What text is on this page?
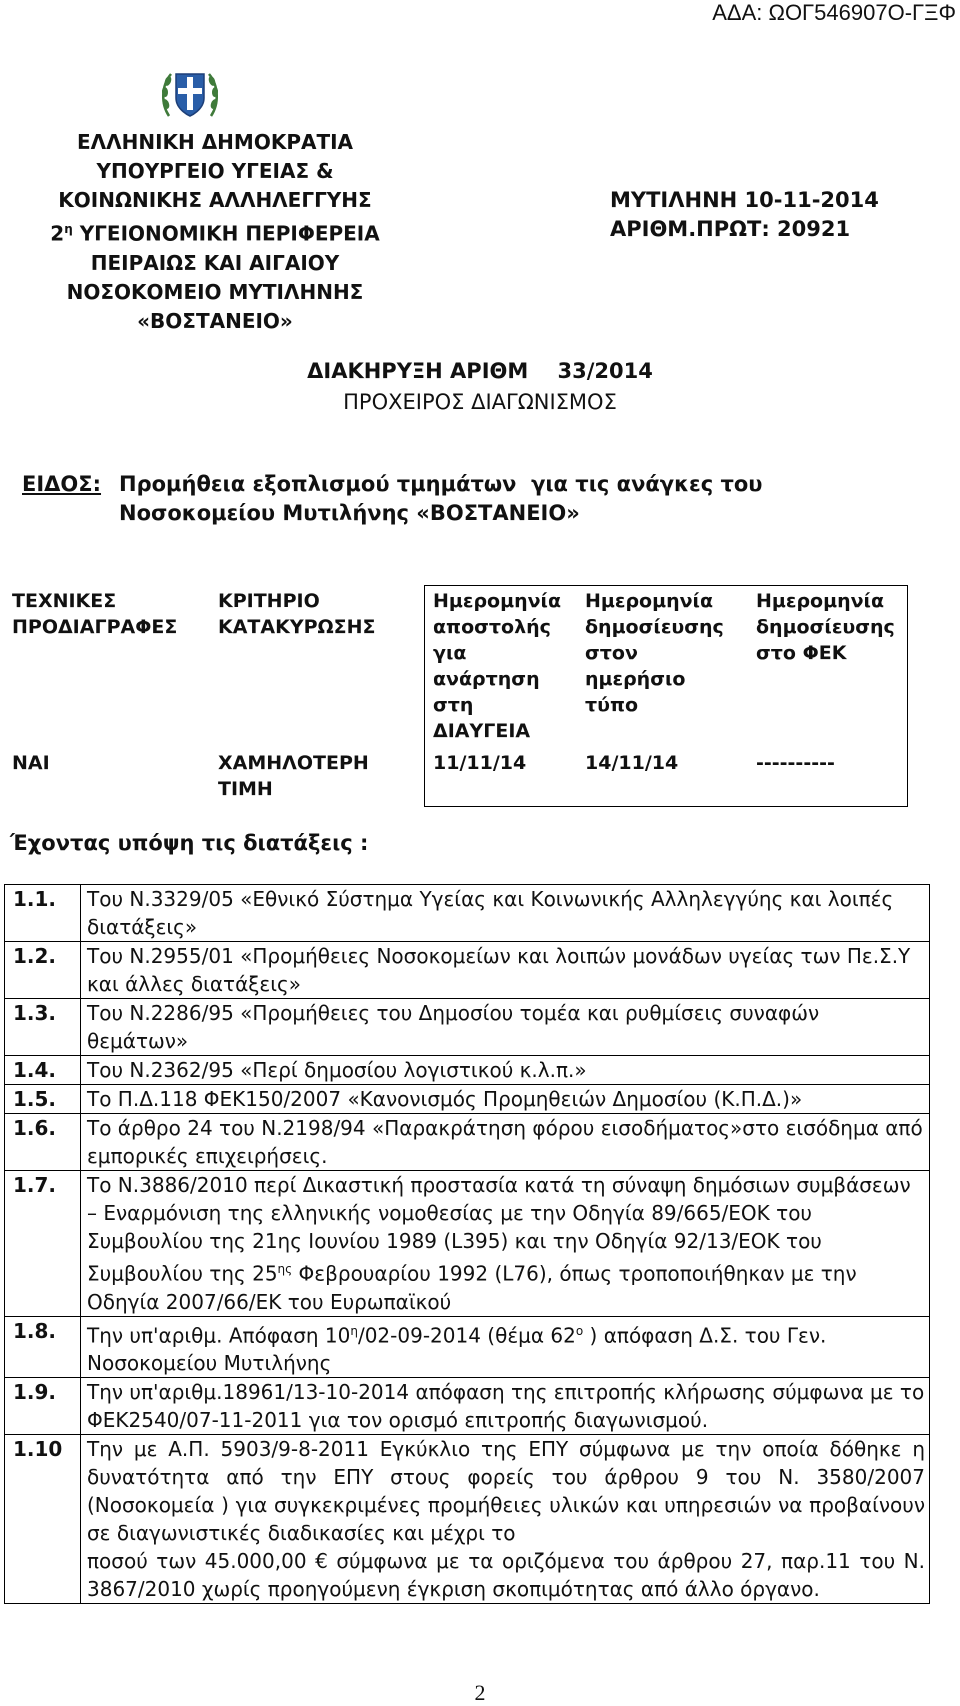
ΑΔΑ: ΩΟΓ546907Ο-ΓΞΦ
ΕΛΛΗΝΙΚΗ ΔΗΜΟΚΡΑΤΙΑ
ΥΠΟΥΡΓΕΙΟ ΥΓΕΙΑΣ &
ΚΟΙΝΩΝΙΚΗΣ ΑΛΛΗΛΕΓΓΥΗΣ
$2^\eta$ ΥΓΕΙΟΝΟΜΙΚΗ ΠΕΡΙΦΕΡΕΙΑ
ΠΕΙΡΑΙΩΣ ΚΑΙ ΑΙΓΑΙΟΥ
ΝΟΣΟΚΟΜΕΙΟ ΜΥΤΙΛΗΝΗΣ
«ΒΟΣΤΑΝΕΙΟ»
ΜΥΤΙΛΗΝΗ 10-11-2014
ΑΡΙΘΜ.ΠΡΩΤ: 20921
ΔΙΑΚΗΡΥΞΗ ΑΡΙΘΜ    33/2014
ΠΡΟΧΕΙΡΟΣ ΔΙΑΓΩΝΙΣΜΟΣ
ΕΙΔΟΣ: Προμήθεια εξοπλισμού τμημάτων  για τις ανάγκες του
Νοσοκομείου Μυτιλήνης «ΒΟΣΤΑΝΕΙΟ»
ΤΕΧΝΙΚΕΣ ΠΡΟΔΙΑΓΡΑΦΕΣ	ΚΡΙΤΗΡΙΟ ΚΑΤΑΚΥΡΩΣΗΣ	Ημερομηνία αποστολής για ανάρτηση στη ΔΙΑΥΓΕΙΑ	Ημερομηνία δημοσίευσης στον ημερήσιο τύπο	Ημερομηνία δημοσίευσης στο ΦΕΚ
ΝΑΙ	ΧΑΜΗΛΟΤΕΡΗ ΤΙΜΗ	11/11/14	14/11/14	----------
Έχοντας υπόψη τις διατάξεις :
1.1.	Του Ν.3329/05 «Εθνικό Σύστημα Υγείας και Κοινωνικής Αλληλεγγύης και λοιπές διατάξεις»
1.2.	Του Ν.2955/01 «Προμήθειες Νοσοκομείων και λοιπών μονάδων υγείας των Πε.Σ.Υ και άλλες διατάξεις»
1.3.	Του Ν.2286/95 «Προμήθειες του Δημοσίου τομέα και ρυθμίσεις συναφών θεμάτων»
1.4.	Του Ν.2362/95 «Περί δημοσίου λογιστικού κ.λ.π.»
1.5.	Το Π.Δ.118 ΦΕΚ150/2007 «Κανονισμός Προμηθειών Δημοσίου (Κ.Π.Δ.)»
1.6.	Το άρθρο 24 του Ν.2198/94 «Παρακράτηση φόρου εισοδήματος»στο εισόδημα από εμπορικές επιχειρήσεις.
1.7.	Το Ν.3886/2010 περί Δικαστική προστασία κατά τη σύναψη δημόσιων συμβάσεων – Εναρμόνιση της ελληνικής νομοθεσίας με την Οδηγία 89/665/ΕΟΚ του Συμβουλίου της 21ης Ιουνίου 1989 (L395) και την Οδηγία 92/13/ΕΟΚ του Συμβουλίου της $25^{\eta\varsigma}$ Φεβρουαρίου 1992 (L76), όπως τροποποιήθηκαν με την Οδηγία 2007/66/ΕΚ του Ευρωπαϊκού
1.8.	Την υπ'αριθμ. Απόφαση $10^\eta/02-09-2014$ (θέμα $62^o$ ) απόφαση Δ.Σ. του Γεν. Νοσοκομείου Μυτιλήνης
1.9.	Την υπ'αριθμ.18961/13-10-2014 απόφαση της επιτροπής κλήρωσης σύμφωνα με το ΦΕΚ2540/07-11-2011 για τον ορισμό επιτροπής διαγωνισμού.
1.10	Την με Α.Π. 5903/9-8-2011 Εγκύκλιο της ΕΠΥ σύμφωνα με την οποία δόθηκε η δυνατότητα από την ΕΠΥ στους φορείς του άρθρου 9 του Ν. 3580/2007 (Νοσοκομεία ) για συγκεκριμένες προμήθειες υλικών και υπηρεσιών να προβαίνουν σε διαγωνιστικές διαδικασίες και μέχρι το
ποσού των 45.000,00 € σύμφωνα με τα οριζόμενα του άρθρου 27, παρ.11 του Ν. 3867/2010 χωρίς προηγούμενη έγκριση σκοπιμότητας από άλλο όργανο.
2
